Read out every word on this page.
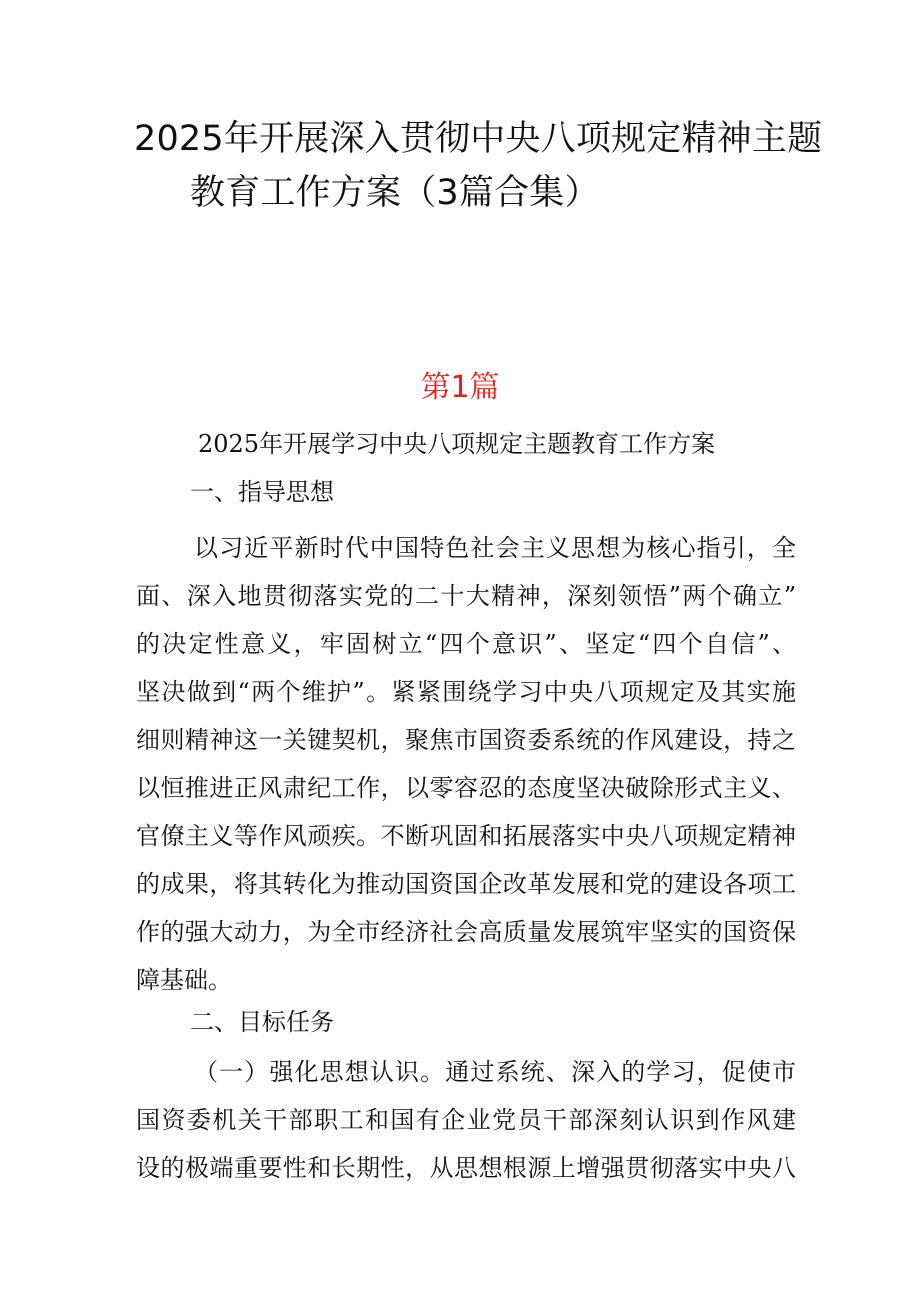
2025年开展深入贯彻中央八项规定精神主题
教育工作方案（3篇合集）
第1篇

2025年开展学习中央八项规定主题教育工作方案

一、指导思想

以习近平新时代中国特色社会主义思想为核心指引，全
面、深入地贯彻落实党的二十大精神，深刻领悟”两个确立”
的决定性意义，牢固树立“四个意识”、坚定“四个自信”、
坚决做到“两个维护”。紧紧围绕学习中央八项规定及其实施
细则精神这一关键契机，聚焦市国资委系统的作风建设，持之
以恒推进正风肃纪工作，以零容忍的态度坚决破除形式主义、
官僚主义等作风顽疾。不断巩固和拓展落实中央八项规定精神
的成果，将其转化为推动国资国企改革发展和党的建设各项工
作的强大动力，为全市经济社会高质量发展筑牢坚实的国资保
障基础。

二、目标任务

（一）强化思想认识。通过系统、深入的学习，促使市
国资委机关干部职工和国有企业党员干部深刻认识到作风建
设的极端重要性和长期性，从思想根源上增强贯彻落实中央八
